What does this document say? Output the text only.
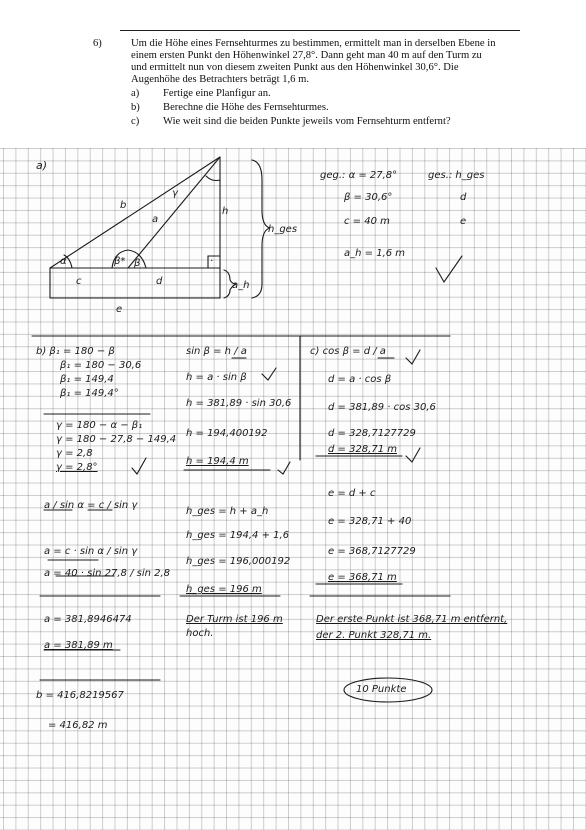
6)	Um die Höhe eines Fernsehturmes zu bestimmen, ermittelt man in derselben Ebene in
einem ersten Punkt den Höhenwinkel 27,8°. Dann geht man 40 m auf den Turm zu
und ermittelt nun von diesem zweiten Punkt aus den Höhenwinkel 30,6°. Die
Augenhöhe des Betrachters beträgt 1,6 m.
a) Fertige eine Planfigur an.
b) Berechne die Höhe des Fernsehturmes.
c) Wie weit sind die beiden Punkte jeweils vom Fernsehturm entfernt?
a)
γ
b
a
h
α	β* β	·
c	d
e
a_h
h_ges
geg.: α = 27,8°	ges.: h_ges
β = 30,6°	d
c = 40 m	e
a_h = 1,6 m
b) β₁ = 180 − β
β₁ = 180 − 30,6
β₁ = 149,4
β₁ = 149,4°
γ = 180 − α − β₁
γ = 180 − 27,8 − 149,4
γ = 2,8
γ = 2,8°
a / sin α = c / sin γ
a = c · sin α / sin γ
a = 40 · sin 27,8 / sin 2,8
a = 381,8946474
a = 381,89 m
b = 416,8219567
= 416,82 m
sin β = h / a
h = a · sin β
h = 381,89 · sin 30,6
h = 194,400192
h = 194,4 m
h_ges = h + a_h
h_ges = 194,4 + 1,6
h_ges = 196,000192
h_ges = 196 m
Der Turm ist 196 m
hoch.
c) cos β = d / a
d = a · cos β
d = 381,89 · cos 30,6
d = 328,7127729
d = 328,71 m
e = d + c
e = 328,71 + 40
e = 368,7127729
e = 368,71 m
Der erste Punkt ist 368,71 m entfernt,
der 2. Punkt 328,71 m.
10 Punkte
